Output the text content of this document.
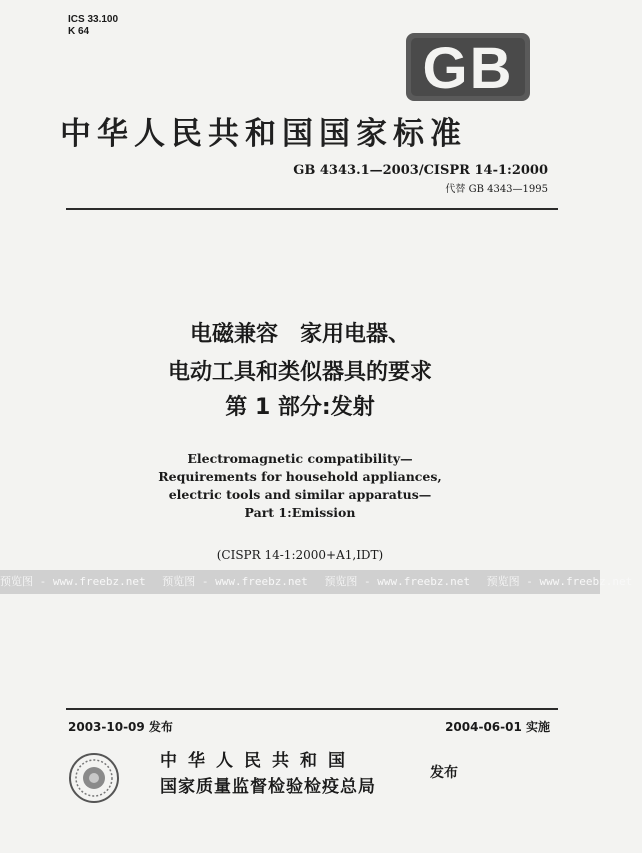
ICS 33.100
K 64
GB
中华人民共和国国家标准
GB 4343.1—2003/CISPR 14-1:2000
代替 GB 4343—1995
电磁兼容　家用电器、
电动工具和类似器具的要求
第 1 部分:发射
Electromagnetic compatibility—
Requirements for household appliances,
electric tools and similar apparatus—
Part 1:Emission
(CISPR 14-1:2000+A1,IDT)
预览图 - www.freebz.net 预览图 - www.freebz.net 预览图 - www.freebz.net 预览图 - www.freebz.net
2003-10-09 发布	2004-06-01 实施
中华人民共和国
国家质量监督检验检疫总局
发布
